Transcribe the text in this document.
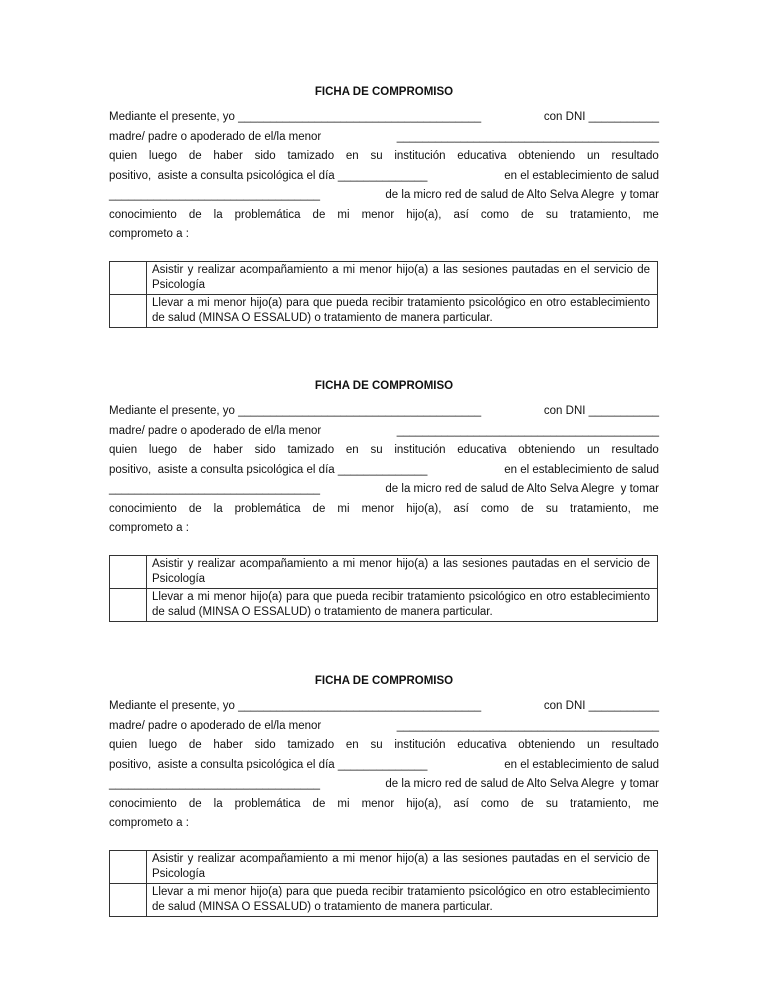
FICHA DE COMPROMISO
Mediante el presente, yo ______________________________________	con DNI ___________
madre/ padre o apoderado de el/la menor	_________________________________________
quien luego de haber sido tamizado en su institución educativa obteniendo un resultado
positivo,  asiste a consulta psicológica el día ______________	en el establecimiento de salud
_________________________________	de la micro red de salud de Alto Selva Alegre  y tomar
conocimiento de la problemática de mi menor hijo(a), así como de su tratamiento, me
comprometo a :
	Asistir y realizar acompañamiento a mi menor hijo(a) a las sesiones pautadas en el servicio de Psicología
	Llevar a mi menor hijo(a) para que pueda recibir tratamiento psicológico en otro establecimiento de salud (MINSA O ESSALUD) o tratamiento de manera particular.
FICHA DE COMPROMISO
Mediante el presente, yo ______________________________________	con DNI ___________
madre/ padre o apoderado de el/la menor	_________________________________________
quien luego de haber sido tamizado en su institución educativa obteniendo un resultado
positivo,  asiste a consulta psicológica el día ______________	en el establecimiento de salud
_________________________________	de la micro red de salud de Alto Selva Alegre  y tomar
conocimiento de la problemática de mi menor hijo(a), así como de su tratamiento, me
comprometo a :
	Asistir y realizar acompañamiento a mi menor hijo(a) a las sesiones pautadas en el servicio de Psicología
	Llevar a mi menor hijo(a) para que pueda recibir tratamiento psicológico en otro establecimiento de salud (MINSA O ESSALUD) o tratamiento de manera particular.
FICHA DE COMPROMISO
Mediante el presente, yo ______________________________________	con DNI ___________
madre/ padre o apoderado de el/la menor	_________________________________________
quien luego de haber sido tamizado en su institución educativa obteniendo un resultado
positivo,  asiste a consulta psicológica el día ______________	en el establecimiento de salud
_________________________________	de la micro red de salud de Alto Selva Alegre  y tomar
conocimiento de la problemática de mi menor hijo(a), así como de su tratamiento, me
comprometo a :
	Asistir y realizar acompañamiento a mi menor hijo(a) a las sesiones pautadas en el servicio de Psicología
	Llevar a mi menor hijo(a) para que pueda recibir tratamiento psicológico en otro establecimiento de salud (MINSA O ESSALUD) o tratamiento de manera particular.
